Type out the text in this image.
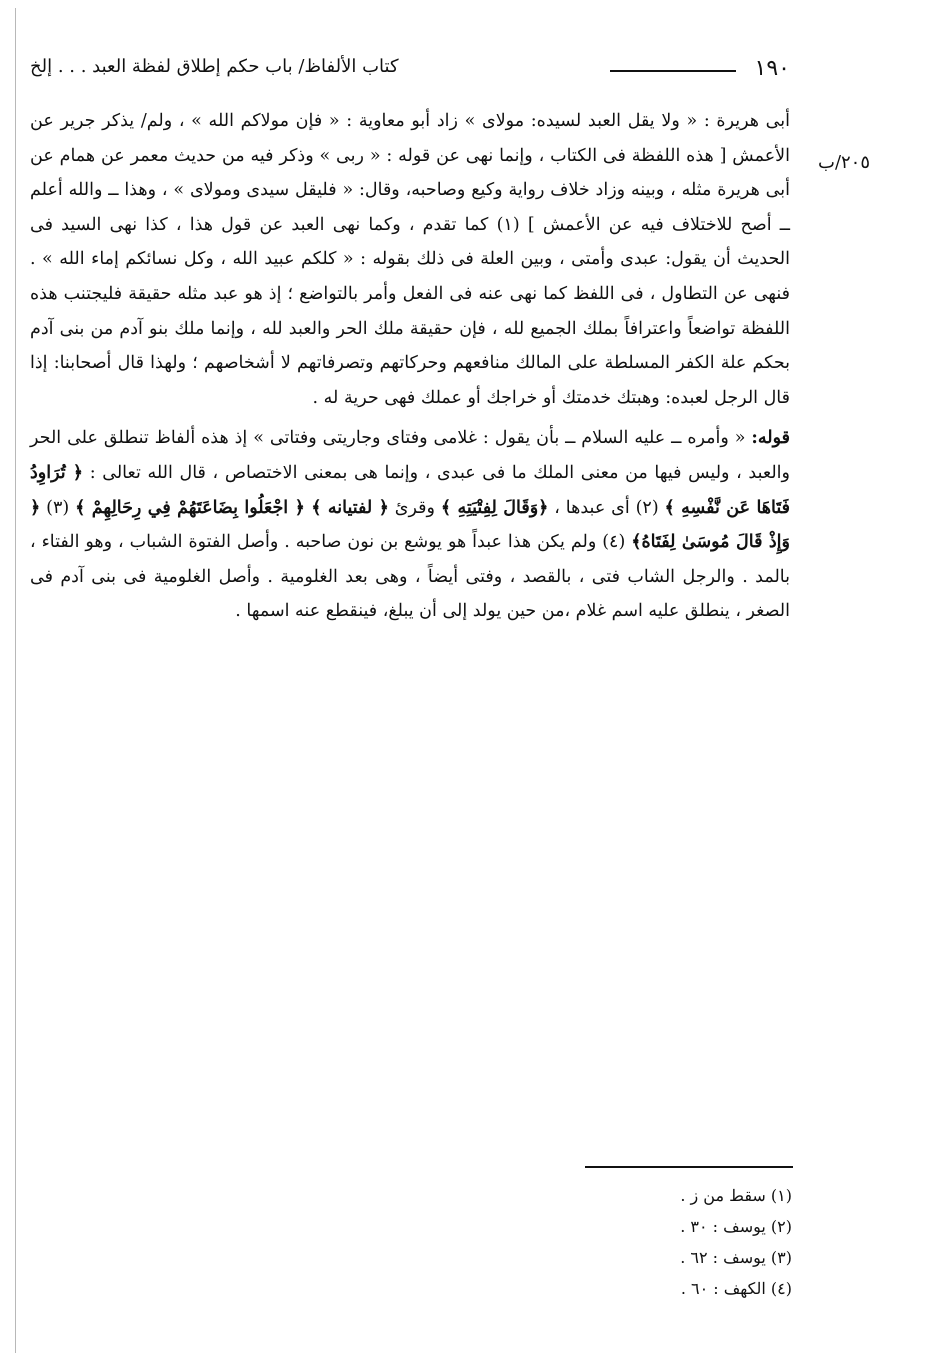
١٩٠
كتاب الألفاظ/ باب حكم إطلاق لفظة العبد . . . إلخ
٢٠٥/ب

أبى هريرة : « ولا يقل العبد لسيده: مولاى » زاد أبو معاوية : « فإن مولاكم الله » ، ولم/ يذكر جرير عن الأعمش [ هذه اللفظة فى الكتاب ، وإنما نهى عن قوله : « ربى » وذكر فيه من حديث معمر عن همام عن أبى هريرة مثله ، وبينه وزاد خلاف رواية وكيع وصاحبه، وقال: « فليقل سيدى ومولاى » ، وهذا ــ والله أعلم ــ أصح للاختلاف فيه عن الأعمش ] (١) كما تقدم ، وكما نهى العبد عن قول هذا ، كذا نهى السيد فى الحديث أن يقول: عبدى وأمتى ، وبين العلة فى ذلك بقوله : « كلكم عبيد الله ، وكل نسائكم إماء الله » . فنهى عن التطاول ، فى اللفظ كما نهى عنه فى الفعل وأمر بالتواضع ؛ إذ هو عبد مثله حقيقة فليجتنب هذه اللفظة تواضعاً واعترافاً بملك الجميع لله ، فإن حقيقة ملك الحر والعبد لله ، وإنما ملك بنو آدم من بنى آدم بحكم علة الكفر المسلطة على المالك منافعهم وحركاتهم وتصرفاتهم لا أشخاصهم ؛ ولهذا قال أصحابنا: إذا قال الرجل لعبده: وهبتك خدمتك أو خراجك أو عملك فهى حرية له .

قوله: « وأمره ــ عليه السلام ــ بأن يقول : غلامى وفتاى وجاريتى وفتاتى » إذ هذه ألفاظ تنطلق على الحر والعبد ، وليس فيها من معنى الملك ما فى عبدى ، وإنما هى بمعنى الاختصاص ، قال الله تعالى : ﴿ تُرَاوِدُ فَتَاهَا عَن نَّفْسِهِ ﴾ (٢) أى عبدها ، ﴿وَقَالَ لِفِتْيَتِهِ ﴾ وقرئ ﴿ لفتيانه ﴾ ﴿ اجْعَلُوا بِضَاعَتَهُمْ فِي رِحَالِهِمْ ﴾ (٣) ﴿ وَإِذْ قَالَ مُوسَىٰ لِفَتَاهُ﴾ (٤) ولم يكن هذا عبداً هو يوشع بن نون صاحبه . وأصل الفتوة الشباب ، وهو الفتاء ، بالمد . والرجل الشاب فتى ، بالقصد ، وفتى أيضاً ، وهى بعد الغلومية . وأصل الغلومية فى بنى آدم فى الصغر ، ينطلق عليه اسم غلام ،من حين يولد إلى أن يبلغ، فينقطع عنه اسمها .

(١) سقط من ز .
(٢) يوسف : ٣٠ .
(٣) يوسف : ٦٢ .
(٤) الكهف : ٦٠ .
